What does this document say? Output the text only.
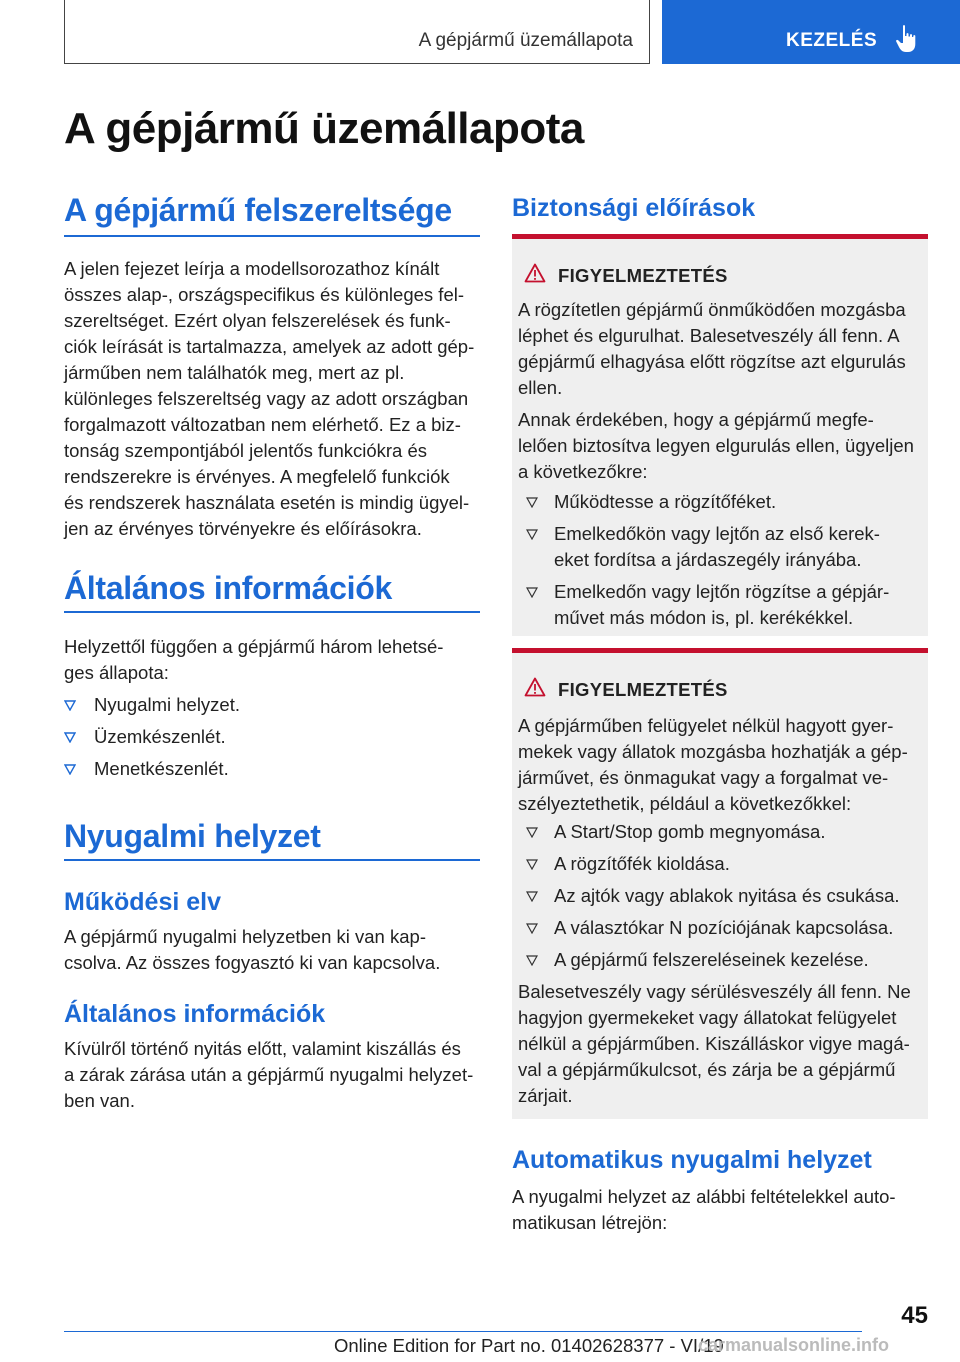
A gépjármű üzemállapota	KEZELÉS
A gépjármű üzemállapota
A gépjármű felszereltsége
A jelen fejezet leírja a modellsorozathoz kínált
összes alap-, országspecifikus és különleges fel-
szereltséget. Ezért olyan felszerelések és funk-
ciók leírását is tartalmazza, amelyek az adott gép-
járműben nem találhatók meg, mert az pl.
különleges felszereltség vagy az adott országban
forgalmazott változatban nem elérhető. Ez a biz-
tonság szempontjából jelentős funkciókra és
rendszerekre is érvényes. A megfelelő funkciók
és rendszerek használata esetén is mindig ügyel-
jen az érvényes törvényekre és előírásokra.
Általános információk
Helyzettől függően a gépjármű három lehetsé-
ges állapota:
Nyugalmi helyzet.
Üzemkészenlét.
Menetkészenlét.
Nyugalmi helyzet
Működési elv
A gépjármű nyugalmi helyzetben ki van kap-
csolva. Az összes fogyasztó ki van kapcsolva.
Általános információk
Kívülről történő nyitás előtt, valamint kiszállás és
a zárak zárása után a gépjármű nyugalmi helyzet-
ben van.
Biztonsági előírások
FIGYELMEZTETÉS
A rögzítetlen gépjármű önműködően mozgásba
léphet és elgurulhat. Balesetveszély áll fenn. A
gépjármű elhagyása előtt rögzítse azt elgurulás
ellen.
Annak érdekében, hogy a gépjármű megfe-
lelően biztosítva legyen elgurulás ellen, ügyeljen
a következőkre:
Működtesse a rögzítőféket.
Emelkedőkön vagy lejtőn az első kerek-
eket fordítsa a járdaszegély irányába.
Emelkedőn vagy lejtőn rögzítse a gépjár-
művet más módon is, pl. kerékékkel.
FIGYELMEZTETÉS
A gépjárműben felügyelet nélkül hagyott gyer-
mekek vagy állatok mozgásba hozhatják a gép-
járművet, és önmagukat vagy a forgalmat ve-
szélyeztethetik, például a következőkkel:
A Start/Stop gomb megnyomása.
A rögzítőfék kioldása.
Az ajtók vagy ablakok nyitása és csukása.
A választókar N pozíciójának kapcsolása.
A gépjármű felszereléseinek kezelése.
Balesetveszély vagy sérülésveszély áll fenn. Ne
hagyjon gyermekeket vagy állatokat felügyelet
nélkül a gépjárműben. Kiszálláskor vigye magá-
val a gépjárműkulcsot, és zárja be a gépjármű
zárjait.
Automatikus nyugalmi helyzet
A nyugalmi helyzet az alábbi feltételekkel auto-
matikusan létrejön:
45
Online Edition for Part no. 01402628377 - VI/19
carmanualsonline.info
